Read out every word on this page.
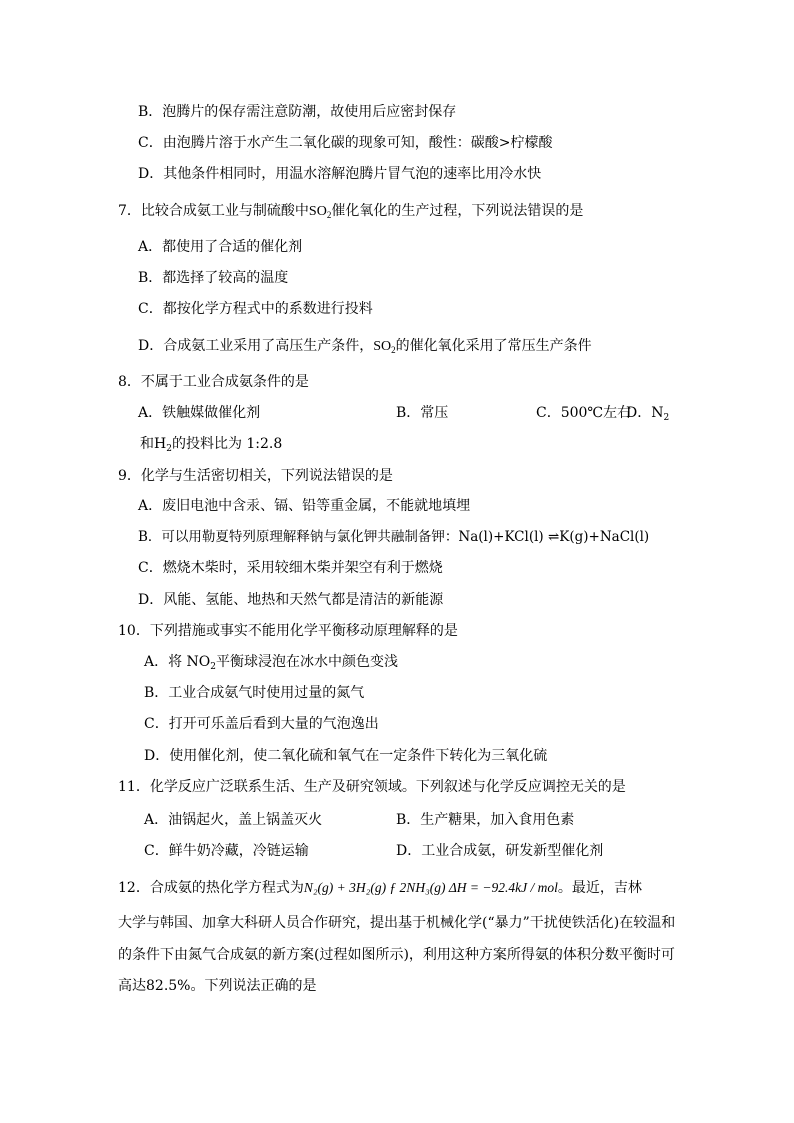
B．泡腾片的保存需注意防潮，故使用后应密封保存
C．由泡腾片溶于水产生二氧化碳的现象可知，酸性：碳酸>柠檬酸
D．其他条件相同时，用温水溶解泡腾片冒气泡的速率比用冷水快
7．比较合成氨工业与制硫酸中$SO_2$催化氧化的生产过程，下列说法错误的是
A．都使用了合适的催化剂
B．都选择了较高的温度
C．都按化学方程式中的系数进行投料
D．合成氨工业采用了高压生产条件，$SO_2$的催化氧化采用了常压生产条件
8．不属于工业合成氨条件的是
A．铁触媒做催化剂	B．常压	C．500℃左右
D．$N_2$
和$H_2$的投料比为 1:2.8
9．化学与生活密切相关，下列说法错误的是
A．废旧电池中含汞、镉、铅等重金属，不能就地填埋
B．可以用勒夏特列原理解释钠与氯化钾共融制备钾：Na(l)+KCl(l) ⇌K(g)+NaCl(l)
C．燃烧木柴时，采用较细木柴并架空有利于燃烧
D．风能、氢能、地热和天然气都是清洁的新能源
10．下列措施或事实不能用化学平衡移动原理解释的是
A．将 $NO_2$平衡球浸泡在冰水中颜色变浅
B．工业合成氨气时使用过量的氮气
C．打开可乐盖后看到大量的气泡逸出
D．使用催化剂，使二氧化硫和氧气在一定条件下转化为三氧化硫
11．化学反应广泛联系生活、生产及研究领域。下列叙述与化学反应调控无关的是
A．油锅起火，盖上锅盖灭火	B．生产糖果，加入食用色素
C．鲜牛奶冷藏，冷链运输	D．工业合成氨，研发新型催化剂
12．合成氨的热化学方程式为N₂(g) + 3H₂(g) ƒ 2NH₃(g) ΔH = −92.4kJ / mol。最近，吉林
大学与韩国、加拿大科研人员合作研究，提出基于机械化学(“暴力”干扰使铁活化)在较温和
的条件下由氮气合成氨的新方案(过程如图所示)，利用这种方案所得氨的体积分数平衡时可
高达82.5%。下列说法正确的是
